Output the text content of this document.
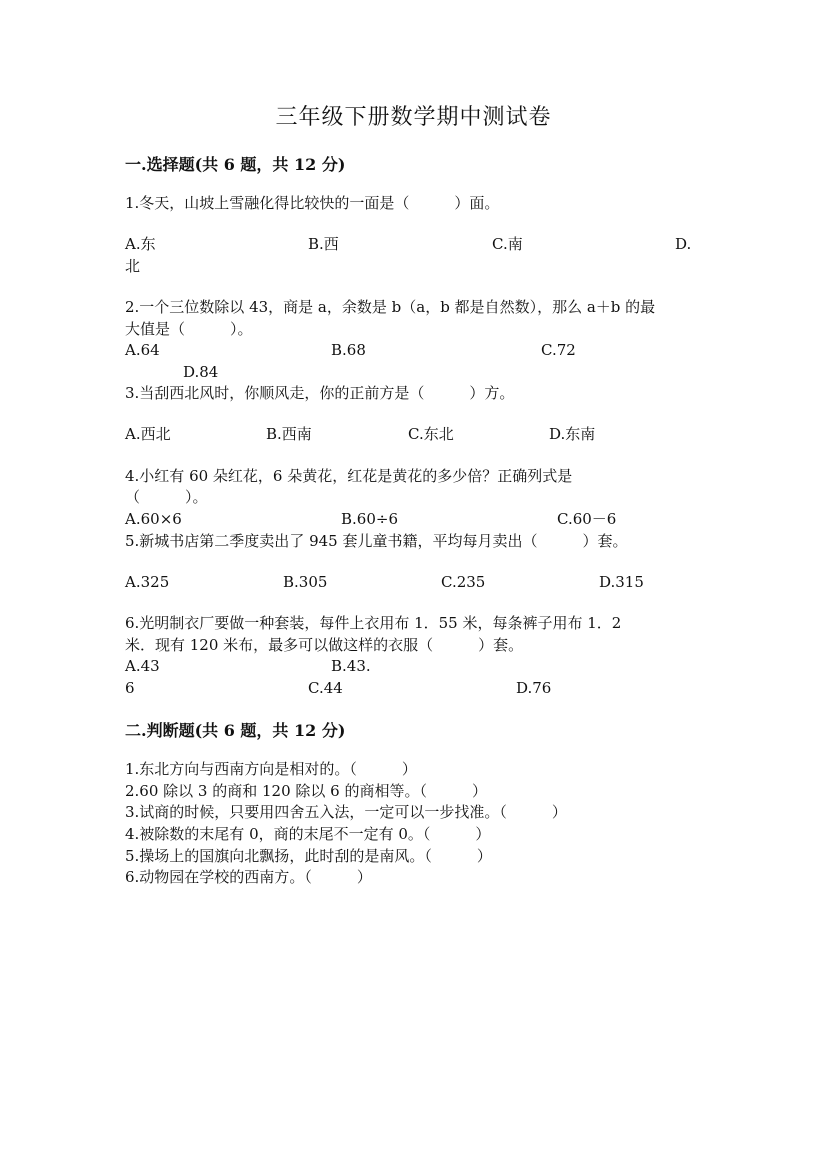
三年级下册数学期中测试卷
一.选择题(共 6 题，共 12 分)
1.冬天，山坡上雪融化得比较快的一面是（　　　）面。
A.东	B.西	C.南	D.
北
2.一个三位数除以 43，商是 a，余数是 b（a，b 都是自然数），那么 a＋b 的最
大值是（　　　）。
A.64	B.68	C.72
D.84
3.当刮西北风时，你顺风走，你的正前方是（　　　）方。
A.西北	B.西南	C.东北	D.东南
4.小红有 60 朵红花，6 朵黄花，红花是黄花的多少倍？正确列式是
（　　　）。
A.60×6	B.60÷6	C.60－6
5.新城书店第二季度卖出了 945 套儿童书籍，平均每月卖出（　　　）套。
A.325	B.305	C.235	D.315
6.光明制衣厂要做一种套装，每件上衣用布 1．55 米，每条裤子用布 1．2
米．现有 120 米布，最多可以做这样的衣服（　　　）套。
A.43	B.43.
6	C.44	D.76
二.判断题(共 6 题，共 12 分)
1.东北方向与西南方向是相对的。（　　　）
2.60 除以 3 的商和 120 除以 6 的商相等。（　　　）
3.试商的时候，只要用四舍五入法，一定可以一步找准。（　　　）
4.被除数的末尾有 0，商的末尾不一定有 0。（　　　）
5.操场上的国旗向北飘扬，此时刮的是南风。（　　　）
6.动物园在学校的西南方。（　　　）
